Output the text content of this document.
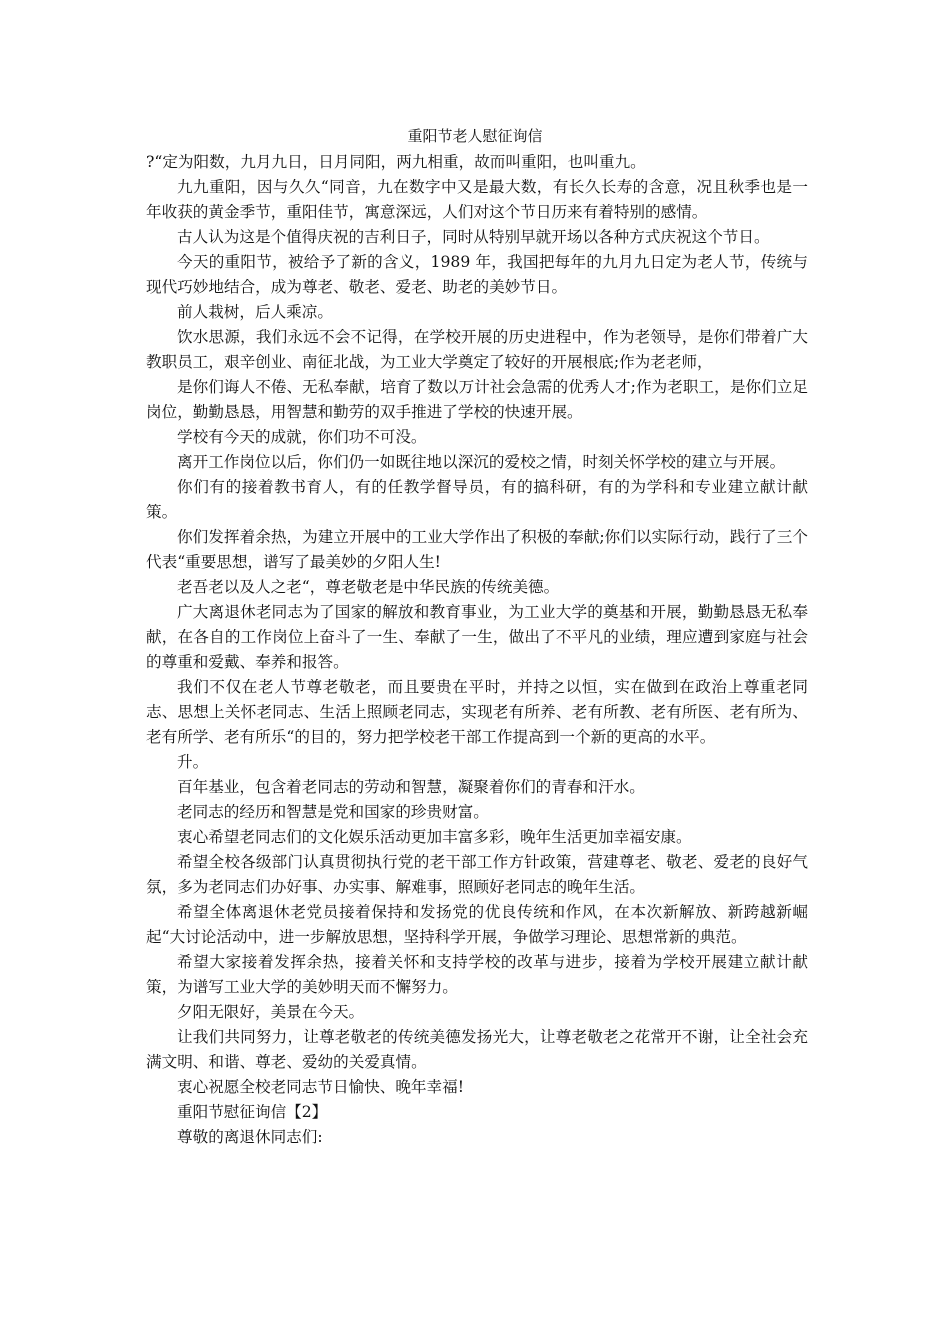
重阳节老人慰征询信

?“定为阳数，九月九日，日月同阳，两九相重，故而叫重阳，也叫重九。

九九重阳，因与久久“同音，九在数字中又是最大数，有长久长寿的含意，况且秋季也是一年收获的黄金季节，重阳佳节，寓意深远，人们对这个节日历来有着特别的感情。

古人认为这是个值得庆祝的吉利日子，同时从特别早就开场以各种方式庆祝这个节日。

今天的重阳节，被给予了新的含义，1989 年，我国把每年的九月九日定为老人节，传统与现代巧妙地结合，成为尊老、敬老、爱老、助老的美妙节日。

前人栽树，后人乘凉。

饮水思源，我们永远不会不记得，在学校开展的历史进程中，作为老领导，是你们带着广大教职员工，艰辛创业、南征北战，为工业大学奠定了较好的开展根底;作为老老师，

是你们诲人不倦、无私奉献，培育了数以万计社会急需的优秀人才;作为老职工，是你们立足岗位，勤勤恳恳，用智慧和勤劳的双手推进了学校的快速开展。

学校有今天的成就，你们功不可没。

离开工作岗位以后，你们仍一如既往地以深沉的爱校之情，时刻关怀学校的建立与开展。

你们有的接着教书育人，有的任教学督导员，有的搞科研，有的为学科和专业建立献计献策。

你们发挥着余热，为建立开展中的工业大学作出了积极的奉献;你们以实际行动，践行了三个代表“重要思想，谱写了最美妙的夕阳人生!

老吾老以及人之老“，尊老敬老是中华民族的传统美德。

广大离退休老同志为了国家的解放和教育事业，为工业大学的奠基和开展，勤勤恳恳无私奉献，在各自的工作岗位上奋斗了一生、奉献了一生，做出了不平凡的业绩，理应遭到家庭与社会的尊重和爱戴、奉养和报答。

我们不仅在老人节尊老敬老，而且要贵在平时，并持之以恒，实在做到在政治上尊重老同志、思想上关怀老同志、生活上照顾老同志，实现老有所养、老有所教、老有所医、老有所为、老有所学、老有所乐“的目的，努力把学校老干部工作提高到一个新的更高的水平。

升。

百年基业，包含着老同志的劳动和智慧，凝聚着你们的青春和汗水。

老同志的经历和智慧是党和国家的珍贵财富。

衷心希望老同志们的文化娱乐活动更加丰富多彩，晚年生活更加幸福安康。

希望全校各级部门认真贯彻执行党的老干部工作方针政策，营建尊老、敬老、爱老的良好气氛，多为老同志们办好事、办实事、解难事，照顾好老同志的晚年生活。

希望全体离退休老党员接着保持和发扬党的优良传统和作风，在本次新解放、新跨越新崛起“大讨论活动中，进一步解放思想，坚持科学开展，争做学习理论、思想常新的典范。

希望大家接着发挥余热，接着关怀和支持学校的改革与进步，接着为学校开展建立献计献策，为谱写工业大学的美妙明天而不懈努力。

夕阳无限好，美景在今天。

让我们共同努力，让尊老敬老的传统美德发扬光大，让尊老敬老之花常开不谢，让全社会充满文明、和谐、尊老、爱幼的关爱真情。

衷心祝愿全校老同志节日愉快、晚年幸福!

重阳节慰征询信【2】

尊敬的离退休同志们:
